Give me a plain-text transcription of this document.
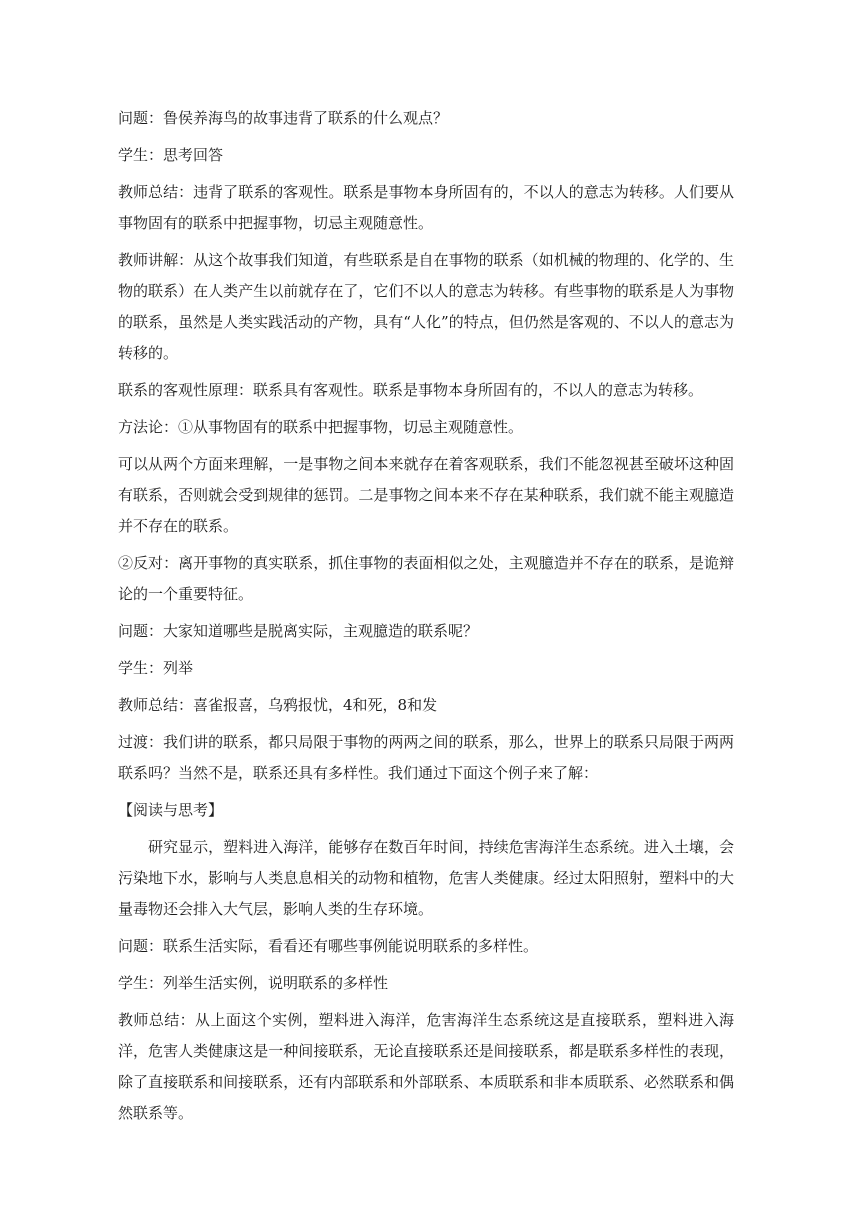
问题：鲁侯养海鸟的故事违背了联系的什么观点？

学生：思考回答

教师总结：违背了联系的客观性。联系是事物本身所固有的，不以人的意志为转移。人们要从事物固有的联系中把握事物，切忌主观随意性。

教师讲解：从这个故事我们知道，有些联系是自在事物的联系（如机械的物理的、化学的、生物的联系）在人类产生以前就存在了，它们不以人的意志为转移。有些事物的联系是人为事物的联系，虽然是人类实践活动的产物，具有“人化”的特点，但仍然是客观的、不以人的意志为转移的。

联系的客观性原理：联系具有客观性。联系是事物本身所固有的，不以人的意志为转移。

方法论：①从事物固有的联系中把握事物，切忌主观随意性。

可以从两个方面来理解，一是事物之间本来就存在着客观联系，我们不能忽视甚至破坏这种固有联系，否则就会受到规律的惩罚。二是事物之间本来不存在某种联系，我们就不能主观臆造并不存在的联系。

②反对：离开事物的真实联系，抓住事物的表面相似之处，主观臆造并不存在的联系，是诡辩论的一个重要特征。

问题：大家知道哪些是脱离实际，主观臆造的联系呢？

学生：列举

教师总结：喜雀报喜，乌鸦报忧，4和死，8和发

过渡：我们讲的联系，都只局限于事物的两两之间的联系，那么，世界上的联系只局限于两两联系吗？当然不是，联系还具有多样性。我们通过下面这个例子来了解：

【阅读与思考】

研究显示，塑料进入海洋，能够存在数百年时间，持续危害海洋生态系统。进入土壤，会污染地下水，影响与人类息息相关的动物和植物，危害人类健康。经过太阳照射，塑料中的大量毒物还会排入大气层，影响人类的生存环境。

问题：联系生活实际，看看还有哪些事例能说明联系的多样性。

学生：列举生活实例，说明联系的多样性

教师总结：从上面这个实例，塑料进入海洋，危害海洋生态系统这是直接联系，塑料进入海洋，危害人类健康这是一种间接联系，无论直接联系还是间接联系，都是联系多样性的表现，除了直接联系和间接联系，还有内部联系和外部联系、本质联系和非本质联系、必然联系和偶然联系等。
